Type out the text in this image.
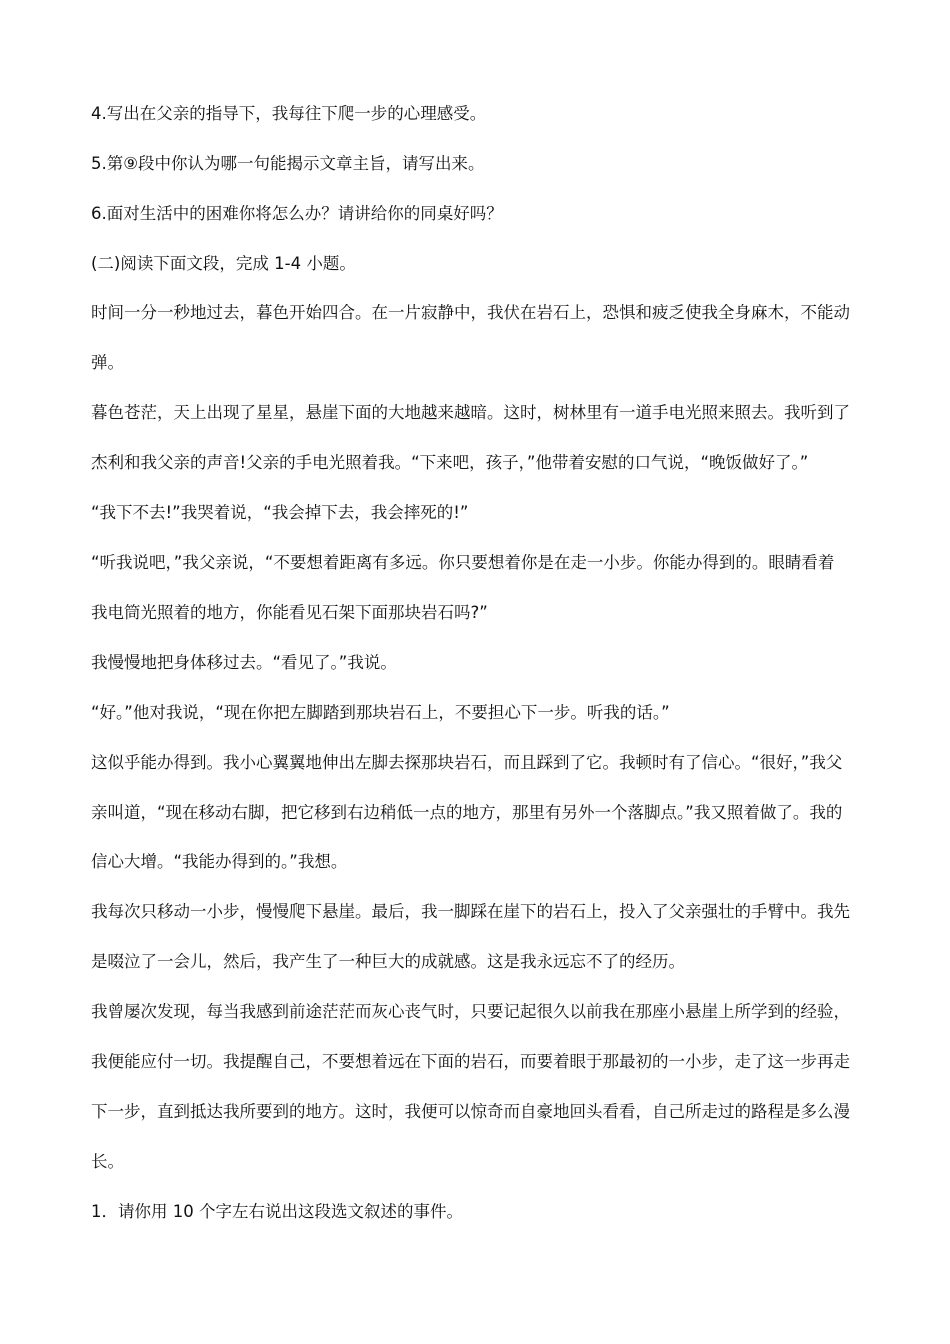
4.写出在父亲的指导下，我每往下爬一步的心理感受。
5.第⑨段中你认为哪一句能揭示文章主旨，请写出来。
6.面对生活中的困难你将怎么办？请讲给你的同桌好吗？
(二)阅读下面文段，完成 1-4 小题。
时间一分一秒地过去，暮色开始四合。在一片寂静中，我伏在岩石上，恐惧和疲乏使我全身麻木，不能动
弹。
暮色苍茫，天上出现了星星，悬崖下面的大地越来越暗。这时，树林里有一道手电光照来照去。我听到了
杰利和我父亲的声音!父亲的手电光照着我。“下来吧，孩子，”他带着安慰的口气说，“晚饭做好了。”
“我下不去!”我哭着说，“我会掉下去，我会摔死的!”
“听我说吧，”我父亲说，“不要想着距离有多远。你只要想着你是在走一小步。你能办得到的。眼睛看着
我电筒光照着的地方，你能看见石架下面那块岩石吗?”
我慢慢地把身体移过去。“看见了。”我说。
“好。”他对我说，“现在你把左脚踏到那块岩石上，不要担心下一步。听我的话。”
这似乎能办得到。我小心翼翼地伸出左脚去探那块岩石，而且踩到了它。我顿时有了信心。“很好，”我父
亲叫道，“现在移动右脚，把它移到右边稍低一点的地方，那里有另外一个落脚点。”我又照着做了。我的
信心大增。“我能办得到的。”我想。
我每次只移动一小步，慢慢爬下悬崖。最后，我一脚踩在崖下的岩石上，投入了父亲强壮的手臂中。我先
是啜泣了一会儿，然后，我产生了一种巨大的成就感。这是我永远忘不了的经历。
我曾屡次发现，每当我感到前途茫茫而灰心丧气时，只要记起很久以前我在那座小悬崖上所学到的经验，
我便能应付一切。我提醒自己，不要想着远在下面的岩石，而要着眼于那最初的一小步，走了这一步再走
下一步，直到抵达我所要到的地方。这时，我便可以惊奇而自豪地回头看看，自己所走过的路程是多么漫
长。
1．请你用 10 个字左右说出这段选文叙述的事件。
